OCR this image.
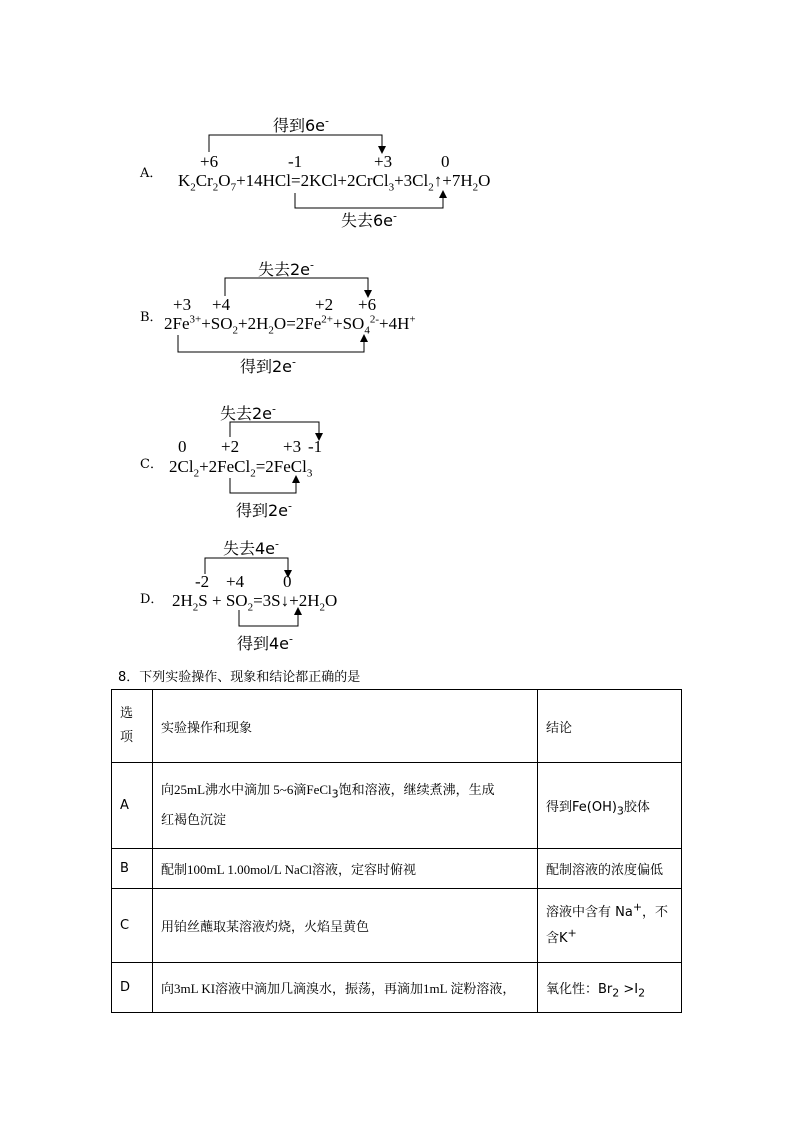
得到6e-
A．
+6	-1	+3	0
$K_2Cr_2O_7+14HCl=2KCl+2CrCl_3+3Cl_2↑+7H_2O$
失去6e-
失去2e-
B．
+3 +4	+2 +6
$2Fe^{3+}+SO_2+2H_2O=2Fe^{2+}+SO_4^{2-}+4H^+$
得到2e-
失去2e-
C．
0 +2	+3 -1
$2Cl_2+2FeCl_2=2FeCl_3$
得到2e-
失去4e-
D．
-2 +4 0
$2H_2S$ + $SO_2=3S↓+2H_2O$
得到4e-
8．下列实验操作、现象和结论都正确的是
选项	实验操作和现象	结论
A	向25mL沸水中滴加 5~6滴FeCl$_3$饱和溶液，继续煮沸，生成
红褐色沉淀	得到$Fe(OH)_3$胶体
B	配制100mL 1.00mol/L NaCl溶液，定容时俯视	配制溶液的浓度偏低
C	用铂丝蘸取某溶液灼烧，火焰呈黄色	溶液中含有 Na+，不
含K+

D	向3mL KI溶液中滴加几滴溴水，振荡，再滴加1mL 淀粉溶液，	氧化性：$Br_2 >I_2$
